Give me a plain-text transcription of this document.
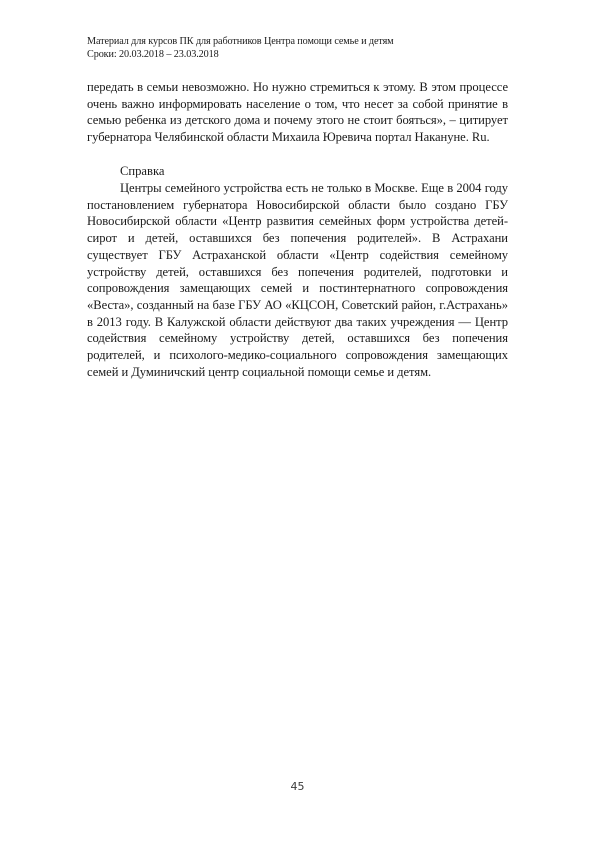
Материал для курсов ПК для работников Центра помощи семье и детям
Сроки: 20.03.2018 – 23.03.2018
передать в семьи невозможно. Но нужно стремиться к этому. В этом процессе очень важно информировать население о том, что несет за собой принятие в семью ребенка из детского дома и почему этого не стоит бояться», – цитирует губернатора Челябинской области Михаила Юревича портал Накануне. Ru.
Справка
Центры семейного устройства есть не только в Москве. Еще в 2004 году постановлением губернатора Новосибирской области было создано ГБУ Новосибирской области «Центр развития семейных форм устройства детей-сирот и детей, оставшихся без попечения родителей». В Астрахани существует ГБУ Астраханской области «Центр содействия семейному устройству детей, оставшихся без попечения родителей, подготовки и сопровождения замещающих семей и постинтернатного сопровождения «Веста», созданный на базе ГБУ АО «КЦСОН, Советский район, г.Астрахань» в 2013 году. В Калужской области действуют два таких учреждения — Центр содействия семейному устройству детей, оставшихся без попечения родителей, и психолого-медико-социального сопровождения замещающих семей и Думиничский центр социальной помощи семье и детям.
45
